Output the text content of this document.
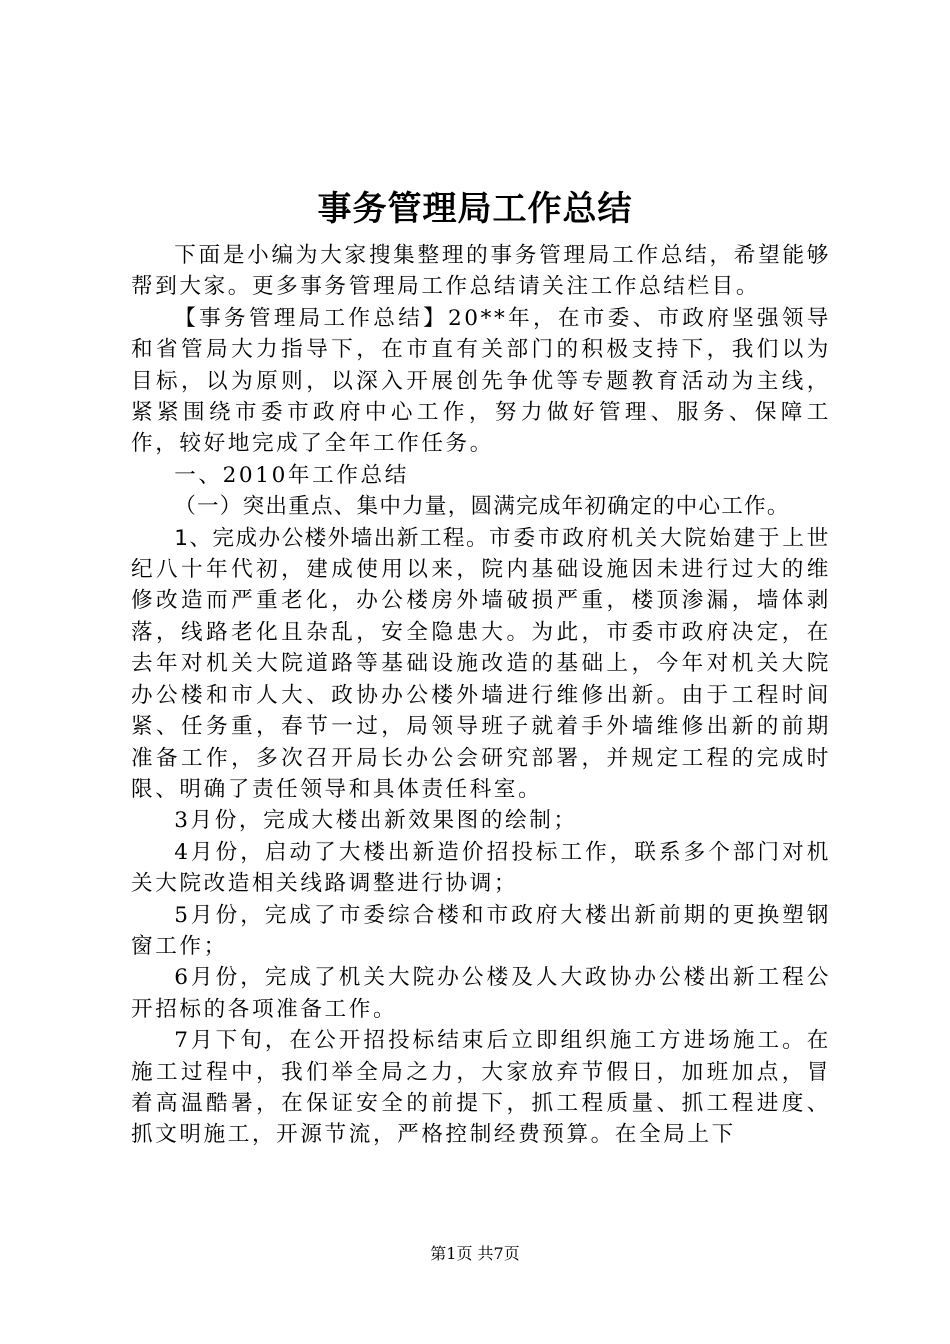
事务管理局工作总结

下面是小编为大家搜集整理的事务管理局工作总结，希望能够帮到大家。更多事务管理局工作总结请关注工作总结栏目。

【事务管理局工作总结】20**年，在市委、市政府坚强领导和省管局大力指导下，在市直有关部门的积极支持下，我们以为目标，以为原则，以深入开展创先争优等专题教育活动为主线，紧紧围绕市委市政府中心工作，努力做好管理、服务、保障工作，较好地完成了全年工作任务。

一、2010年工作总结

（一）突出重点、集中力量，圆满完成年初确定的中心工作。

1、完成办公楼外墙出新工程。市委市政府机关大院始建于上世纪八十年代初，建成使用以来，院内基础设施因未进行过大的维修改造而严重老化，办公楼房外墙破损严重，楼顶渗漏，墙体剥落，线路老化且杂乱，安全隐患大。为此，市委市政府决定，在去年对机关大院道路等基础设施改造的基础上，今年对机关大院办公楼和市人大、政协办公楼外墙进行维修出新。由于工程时间紧、任务重，春节一过，局领导班子就着手外墙维修出新的前期准备工作，多次召开局长办公会研究部署，并规定工程的完成时限、明确了责任领导和具体责任科室。

3月份，完成大楼出新效果图的绘制；

4月份，启动了大楼出新造价招投标工作，联系多个部门对机关大院改造相关线路调整进行协调；

5月份，完成了市委综合楼和市政府大楼出新前期的更换塑钢窗工作；

6月份，完成了机关大院办公楼及人大政协办公楼出新工程公开招标的各项准备工作。

7月下旬，在公开招投标结束后立即组织施工方进场施工。在施工过程中，我们举全局之力，大家放弃节假日，加班加点，冒着高温酷暑，在保证安全的前提下，抓工程质量、抓工程进度、抓文明施工，开源节流，严格控制经费预算。在全局上下

第1页 共7页
